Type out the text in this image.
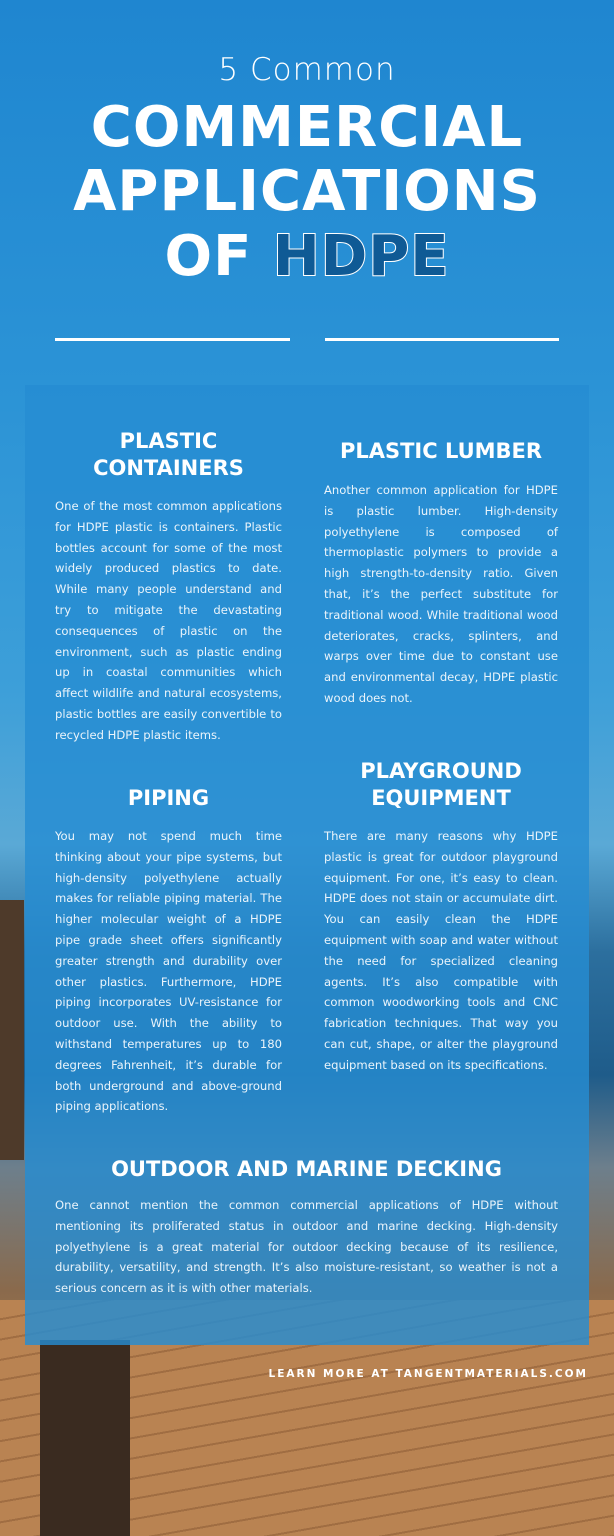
5 Common
COMMERCIAL
APPLICATIONS
OF HDPE
PLASTIC CONTAINERS

One of the most common applications for HDPE plastic is containers. Plastic bottles account for some of the most widely produced plastics to date. While many people understand and try to mitigate the devastating consequences of plastic on the environment, such as plastic ending up in coastal communities which affect wildlife and natural ecosystems, plastic bottles are easily convertible to recycled HDPE plastic items.

PLASTIC LUMBER

Another common application for HDPE is plastic lumber. High-density polyethylene is composed of thermoplastic polymers to provide a high strength-to-density ratio. Given that, it’s the perfect substitute for traditional wood. While traditional wood deteriorates, cracks, splinters, and warps over time due to constant use and environmental decay, HDPE plastic wood does not.

PIPING

You may not spend much time thinking about your pipe systems, but high-density polyethylene actually makes for reliable piping material. The higher molecular weight of a HDPE pipe grade sheet offers significantly greater strength and durability over other plastics. Furthermore, HDPE piping incorporates UV-resistance for outdoor use. With the ability to withstand temperatures up to 180 degrees Fahrenheit, it’s durable for both underground and above-ground piping applications.

PLAYGROUND EQUIPMENT

There are many reasons why HDPE plastic is great for outdoor playground equipment. For one, it’s easy to clean. HDPE does not stain or accumulate dirt. You can easily clean the HDPE equipment with soap and water without the need for specialized cleaning agents. It’s also compatible with common woodworking tools and CNC fabrication techniques. That way you can cut, shape, or alter the playground equipment based on its specifications.

OUTDOOR AND MARINE DECKING

One cannot mention the common commercial applications of HDPE without mentioning its proliferated status in outdoor and marine decking. High-density polyethylene is a great material for outdoor decking because of its resilience, durability, versatility, and strength. It’s also moisture-resistant, so weather is not a serious concern as it is with other materials.

LEARN MORE AT TANGENTMATERIALS.COM
